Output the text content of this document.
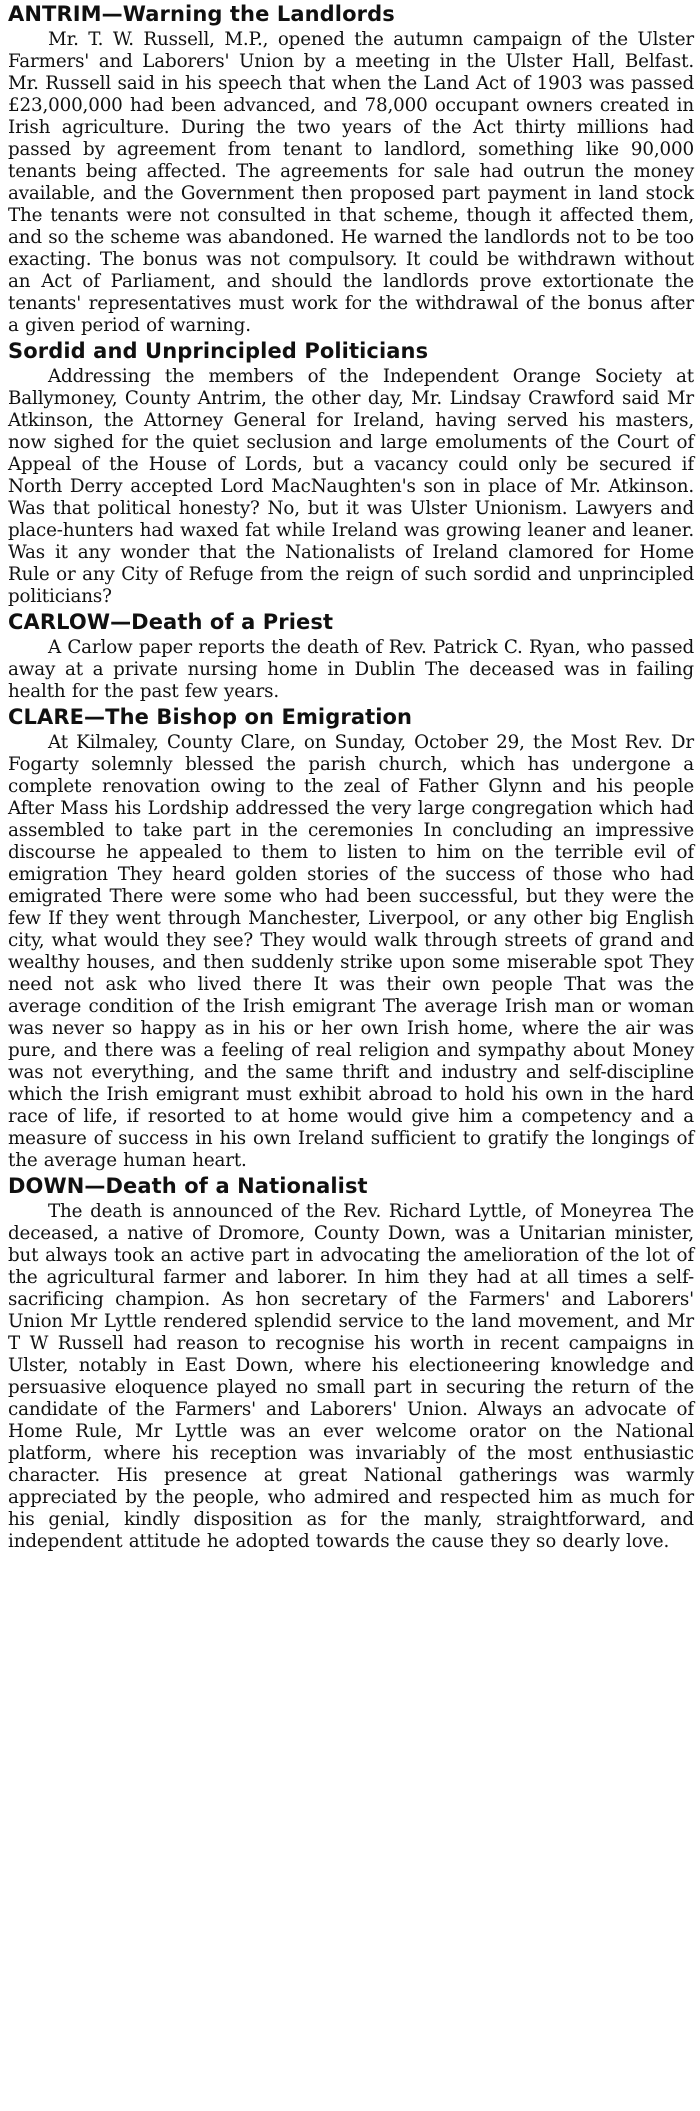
ANTRIM—Warning the Landlords

Mr. T. W. Russell, M.P., opened the autumn campaign of the Ulster Farmers' and Laborers' Union by a meeting in the Ulster Hall, Belfast. Mr. Russell said in his speech that when the Land Act of 1903 was passed £23,000,000 had been advanced, and 78,000 occupant owners created in Irish agriculture. During the two years of the Act thirty millions had passed by agreement from tenant to landlord, something like 90,000 tenants being affected. The agreements for sale had outrun the money available, and the Government then proposed part payment in land stock The tenants were not consulted in that scheme, though it affected them, and so the scheme was abandoned. He warned the landlords not to be too exacting. The bonus was not compulsory. It could be withdrawn without an Act of Parliament, and should the landlords prove extortionate the tenants' representatives must work for the withdrawal of the bonus after a given period of warning.

Sordid and Unprincipled Politicians

Addressing the members of the Independent Orange Society at Ballymoney, County Antrim, the other day, Mr. Lindsay Crawford said Mr Atkinson, the Attorney General for Ireland, having served his masters, now sighed for the quiet seclusion and large emoluments of the Court of Appeal of the House of Lords, but a vacancy could only be secured if North Derry accepted Lord MacNaughten's son in place of Mr. Atkinson. Was that political honesty? No, but it was Ulster Unionism. Lawyers and place-hunters had waxed fat while Ireland was growing leaner and leaner. Was it any wonder that the Nationalists of Ireland clamored for Home Rule or any City of Refuge from the reign of such sordid and unprincipled politicians?

CARLOW—Death of a Priest

A Carlow paper reports the death of Rev. Patrick C. Ryan, who passed away at a private nursing home in Dublin The deceased was in failing health for the past few years.

CLARE—The Bishop on Emigration

At Kilmaley, County Clare, on Sunday, October 29, the Most Rev. Dr Fogarty solemnly blessed the parish church, which has undergone a complete renovation owing to the zeal of Father Glynn and his people After Mass his Lordship addressed the very large congregation which had assembled to take part in the ceremonies In concluding an impressive discourse he appealed to them to listen to him on the terrible evil of emigration They heard golden stories of the success of those who had emigrated There were some who had been successful, but they were the few If they went through Manchester, Liverpool, or any other big English city, what would they see? They would walk through streets of grand and wealthy houses, and then suddenly strike upon some miserable spot They need not ask who lived there It was their own people That was the average condition of the Irish emigrant The average Irish man or woman was never so happy as in his or her own Irish home, where the air was pure, and there was a feeling of real religion and sympathy about Money was not everything, and the same thrift and industry and self-discipline which the Irish emigrant must exhibit abroad to hold his own in the hard race of life, if resorted to at home would give him a competency and a measure of success in his own Ireland sufficient to gratify the longings of the average human heart.

DOWN—Death of a Nationalist

The death is announced of the Rev. Richard Lyttle, of Moneyrea The deceased, a native of Dromore, County Down, was a Unitarian minister, but always took an active part in advocating the amelioration of the lot of the agricultural farmer and laborer. In him they had at all times a self-sacrificing champion. As hon secretary of the Farmers' and Laborers' Union Mr Lyttle rendered splendid service to the land movement, and Mr T W Russell had reason to recognise his worth in recent campaigns in Ulster, notably in East Down, where his electioneering knowledge and persuasive eloquence played no small part in securing the return of the candidate of the Farmers' and Laborers' Union. Always an advocate of Home Rule, Mr Lyttle was an ever welcome orator on the National platform, where his reception was invariably of the most enthusiastic character. His presence at great National gatherings was warmly appreciated by the people, who admired and respected him as much for his genial, kindly disposition as for the manly, straightforward, and independent attitude he adopted towards the cause they so dearly love.
